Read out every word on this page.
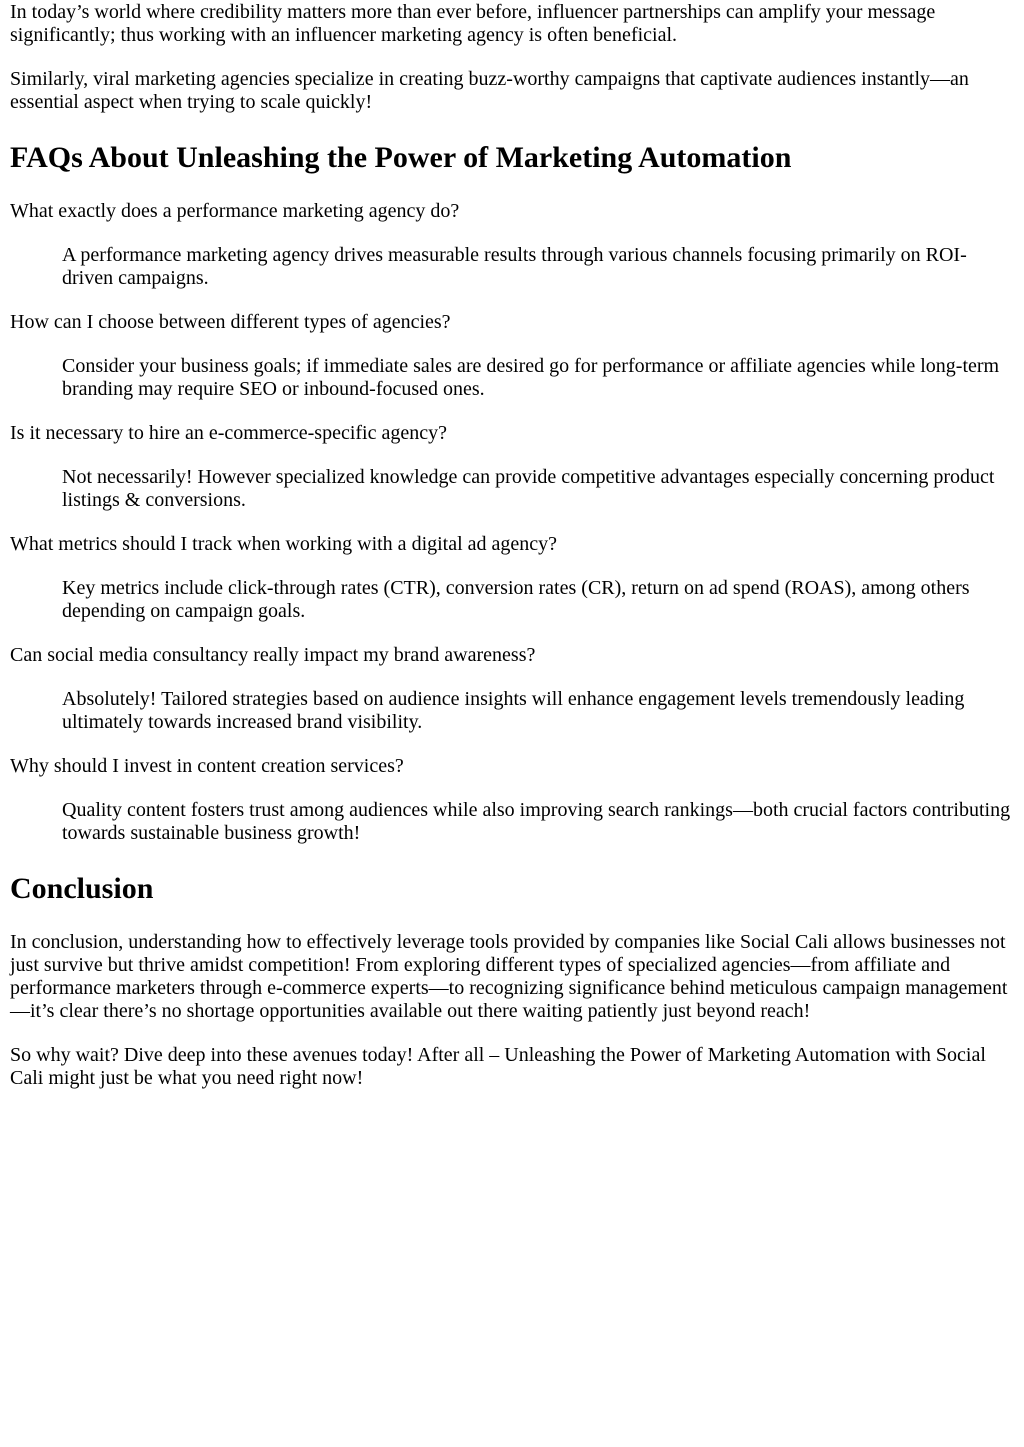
In today’s world where credibility matters more than ever before, influencer partnerships can amplify your message significantly; thus working with an influencer marketing agency is often beneficial.

Similarly, viral marketing agencies specialize in creating buzz-worthy campaigns that captivate audiences instantly—an essential aspect when trying to scale quickly!

FAQs About Unleashing the Power of Marketing Automation
What exactly does a performance marketing agency do?
A performance marketing agency drives measurable results through various channels focusing primarily on ROI-driven campaigns.
How can I choose between different types of agencies?
Consider your business goals; if immediate sales are desired go for performance or affiliate agencies while long-term branding may require SEO or inbound-focused ones.
Is it necessary to hire an e-commerce-specific agency?
Not necessarily! However specialized knowledge can provide competitive advantages especially concerning product listings & conversions.
What metrics should I track when working with a digital ad agency?
Key metrics include click-through rates (CTR), conversion rates (CR), return on ad spend (ROAS), among others depending on campaign goals.
Can social media consultancy really impact my brand awareness?
Absolutely! Tailored strategies based on audience insights will enhance engagement levels tremendously leading ultimately towards increased brand visibility.
Why should I invest in content creation services?
Quality content fosters trust among audiences while also improving search rankings—both crucial factors contributing towards sustainable business growth!
Conclusion

In conclusion, understanding how to effectively leverage tools provided by companies like Social Cali allows businesses not just survive but thrive amidst competition! From exploring different types of specialized agencies—from affiliate and performance marketers through e-commerce experts—to recognizing significance behind meticulous campaign management—it’s clear there’s no shortage opportunities available out there waiting patiently just beyond reach!

So why wait? Dive deep into these avenues today! After all – Unleashing the Power of Marketing Automation with Social Cali might just be what you need right now!
